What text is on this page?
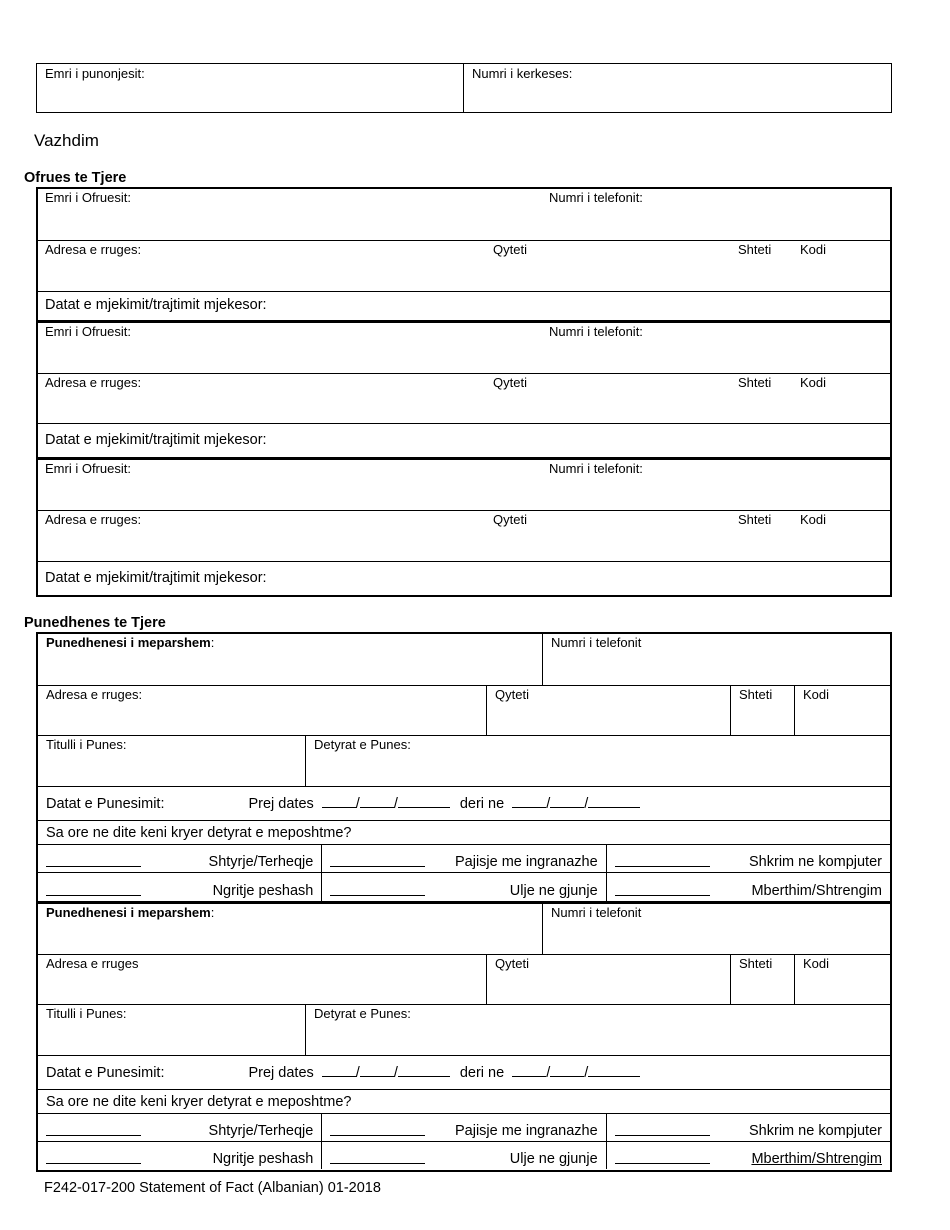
Emri i punonjesit:	Numri i kerkeses:
Vazhdim
Ofrues te Tjere
Emri i Ofruesit:	Numri i telefonit:
Adresa e rruges:	Qyteti	Shteti Kodi
Datat e mjekimit/trajtimit mjekesor:
Emri i Ofruesit:	Numri i telefonit:
Adresa e rruges:	Qyteti	Shteti Kodi
Datat e mjekimit/trajtimit mjekesor:
Emri i Ofruesit:	Numri i telefonit:
Adresa e rruges:	Qyteti	Shteti Kodi
Datat e mjekimit/trajtimit mjekesor:
Punedhenes te Tjere
Punedhenesi i meparshem:	Numri i telefonit
Adresa e rruges:	Qyteti	Shteti Kodi
Titulli i Punes:	Detyrat e Punes:
Datat e Punesimit:	Prej dates	/ /	deri ne	/ /
Sa ore ne dite keni kryer detyrat e meposhtme?
Shtyrje/Terheqje	Pajisje me ingranazhe	Shkrim ne kompjuter
Ngritje peshash	Ulje ne gjunje	Mberthim/Shtrengim
Punedhenesi i meparshem:	Numri i telefonit
Adresa e rruges	Qyteti	Shteti Kodi
Titulli i Punes:	Detyrat e Punes:
Datat e Punesimit:	Prej dates	/ /	deri ne	/ /
Sa ore ne dite keni kryer detyrat e meposhtme?
Shtyrje/Terheqje	Pajisje me ingranazhe	Shkrim ne kompjuter
Ngritje peshash	Ulje ne gjunje	Mberthim/Shtrengim
F242-017-200 Statement of Fact (Albanian) 01-2018
